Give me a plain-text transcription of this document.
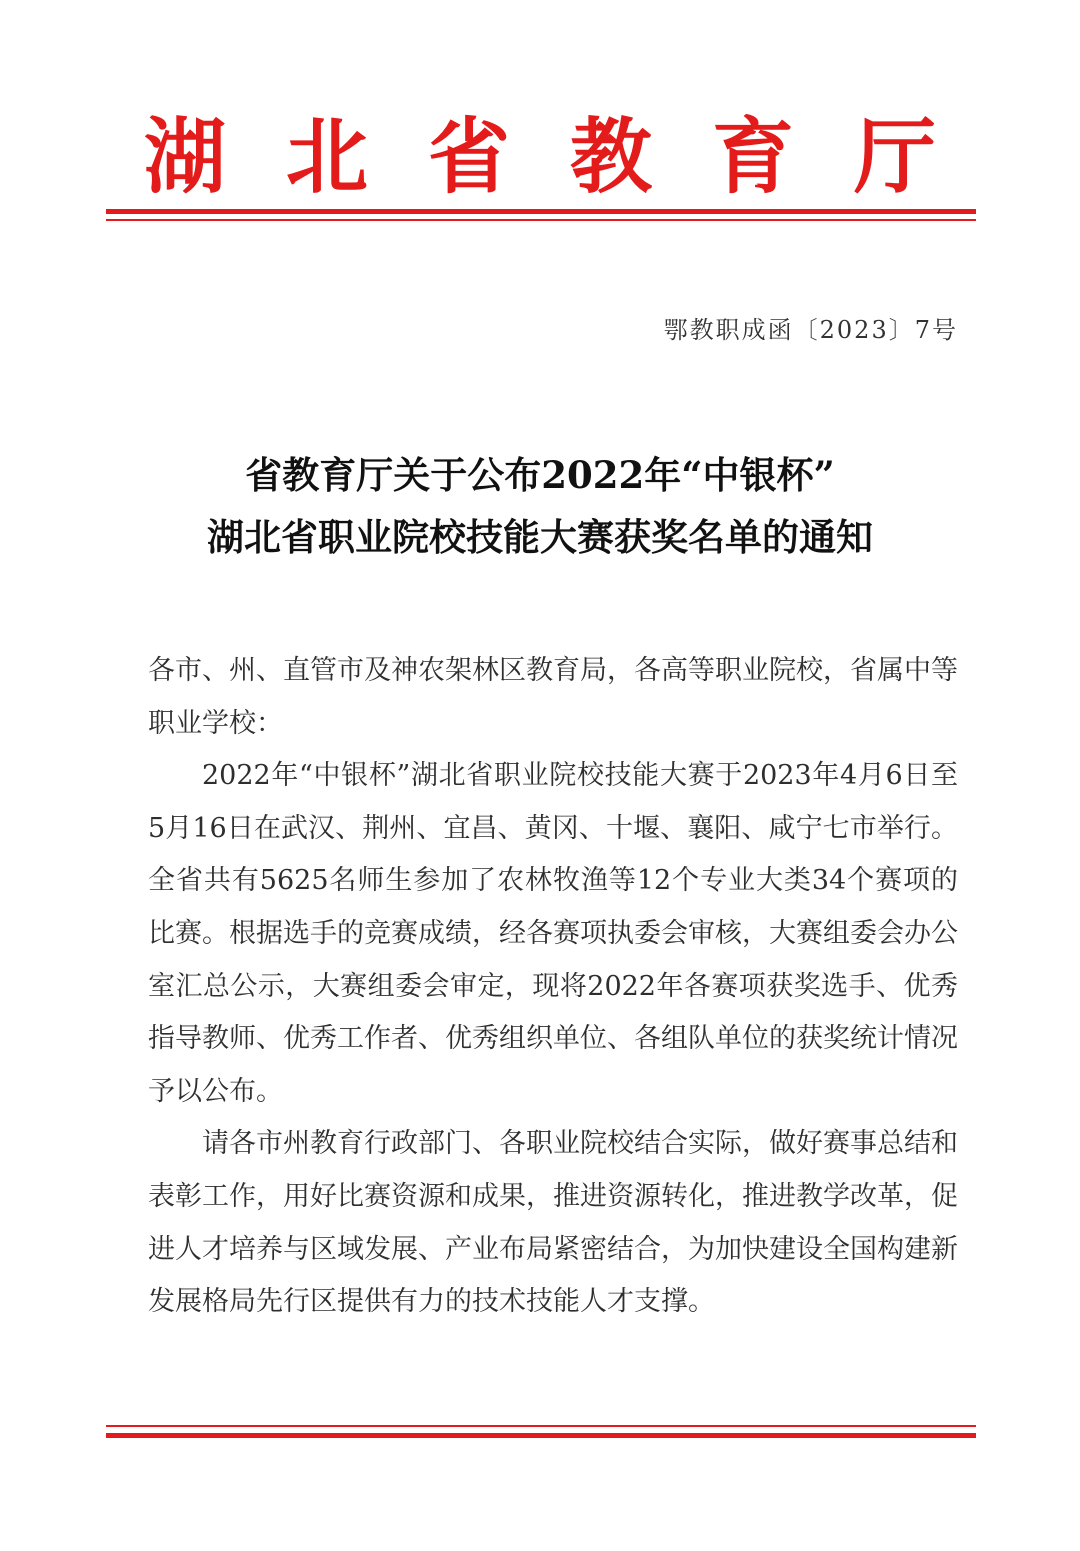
湖 北 省 教 育 厅
鄂教职成函〔2023〕7号
省教育厅关于公布2022年“中银杯”
湖北省职业院校技能大赛获奖名单的通知

各市、州、直管市及神农架林区教育局，各高等职业院校，省属中等职业学校：

2022年“中银杯”湖北省职业院校技能大赛于2023年4月6日至5月16日在武汉、荆州、宜昌、黄冈、十堰、襄阳、咸宁七市举行。全省共有5625名师生参加了农林牧渔等12个专业大类34个赛项的比赛。根据选手的竞赛成绩，经各赛项执委会审核，大赛组委会办公室汇总公示，大赛组委会审定，现将2022年各赛项获奖选手、优秀指导教师、优秀工作者、优秀组织单位、各组队单位的获奖统计情况予以公布。

请各市州教育行政部门、各职业院校结合实际，做好赛事总结和表彰工作，用好比赛资源和成果，推进资源转化，推进教学改革，促进人才培养与区域发展、产业布局紧密结合，为加快建设全国构建新发展格局先行区提供有力的技术技能人才支撑。
